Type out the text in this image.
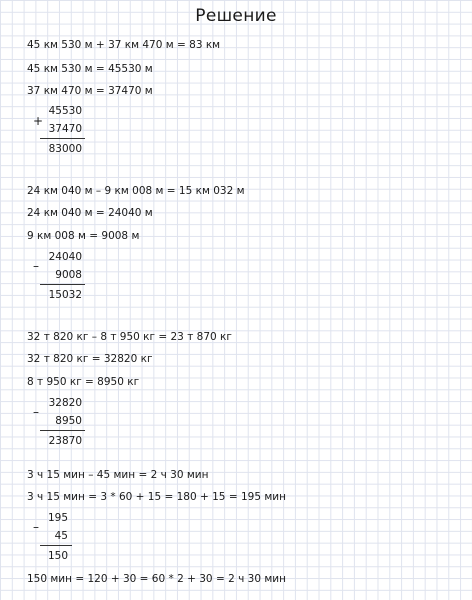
Решение
45 км 530 м + 37 км 470 м = 83 км
45 км 530 м = 45530 м
37 км 470 м = 37470 м
+
45530
37470
83000
24 км 040 м – 9 км 008 м = 15 км 032 м
24 км 040 м = 24040 м
9 км 008 м = 9008 м
–
24040
9008
15032
32 т 820 кг – 8 т 950 кг = 23 т 870 кг
32 т 820 кг = 32820 кг
8 т 950 кг = 8950 кг
–
32820
8950
23870
3 ч 15 мин – 45 мин = 2 ч 30 мин
3 ч 15 мин = 3 * 60 + 15 = 180 + 15 = 195 мин
–
195
45
150
150 мин = 120 + 30 = 60 * 2 + 30 = 2 ч 30 мин
